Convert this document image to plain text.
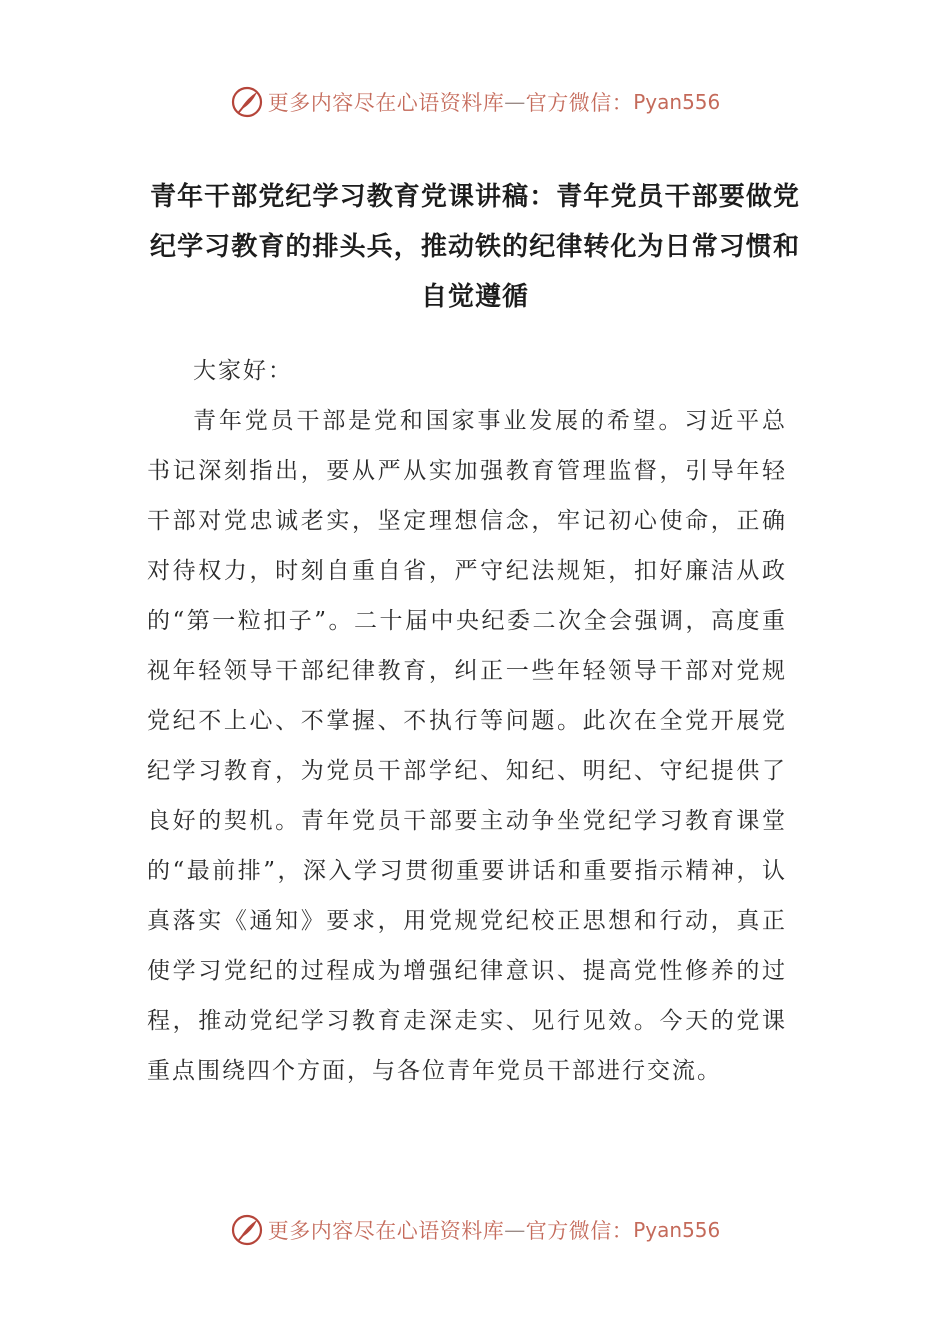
更多内容尽在心语资料库 — 官方微信： Pyan556
青年干部党纪学习教育党课讲稿：青年党员干部要做党纪学习教育的排头兵，推动铁的纪律转化为日常习惯和自觉遵循

大家好：

青年党员干部是党和国家事业发展的希望。习近平总书记深刻指出，要从严从实加强教育管理监督，引导年轻干部对党忠诚老实，坚定理想信念，牢记初心使命，正确对待权力，时刻自重自省，严守纪法规矩，扣好廉洁从政的“第一粒扣子”。二十届中央纪委二次全会强调，高度重视年轻领导干部纪律教育，纠正一些年轻领导干部对党规党纪不上心、不掌握、不执行等问题。此次在全党开展党纪学习教育，为党员干部学纪、知纪、明纪、守纪提供了良好的契机。青年党员干部要主动争坐党纪学习教育课堂的“最前排”，深入学习贯彻重要讲话和重要指示精神，认真落实《通知》要求，用党规党纪校正思想和行动，真正使学习党纪的过程成为增强纪律意识、提高党性修养的过程，推动党纪学习教育走深走实、见行见效。今天的党课重点围绕四个方面，与各位青年党员干部进行交流。

更多内容尽在心语资料库 — 官方微信： Pyan556
